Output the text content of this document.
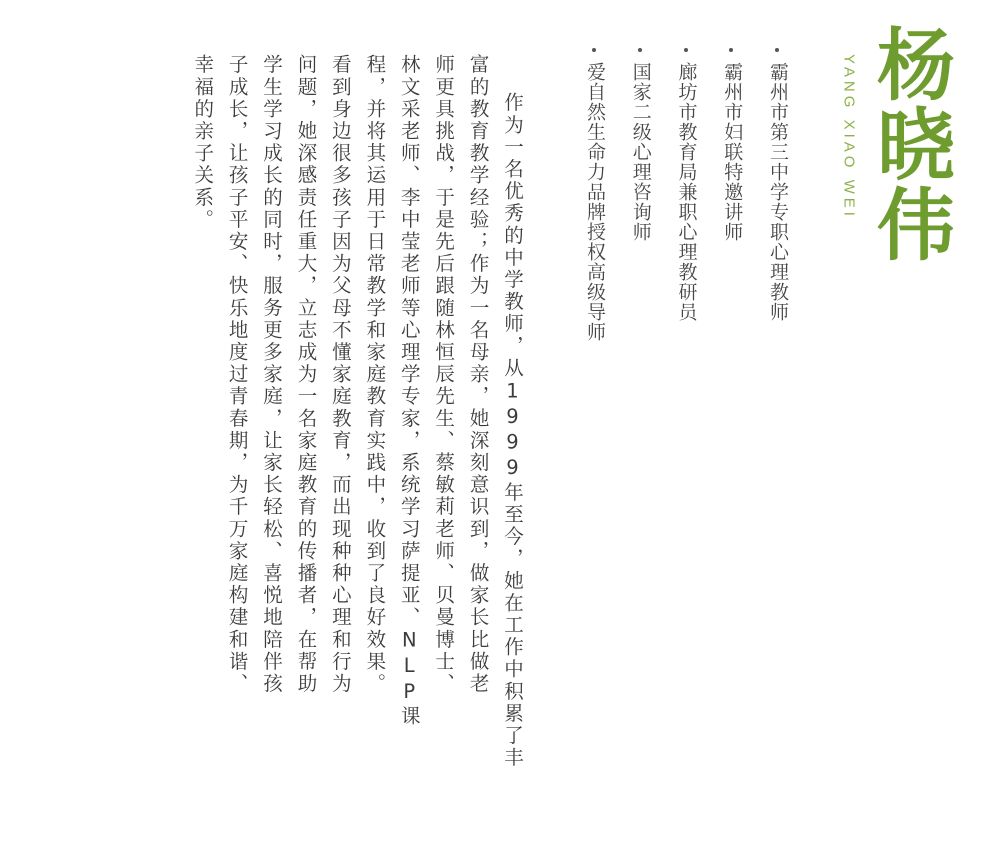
YANG XIAO WEI 杨晓伟
爱自然生命力品牌授权高级导师 国家二级心理咨询师 廊坊市教育局兼职心理教研员 霸州市妇联特邀讲师 霸州市第三中学专职心理教师
作为一名优秀的中学教师，从1999年至今，她在工作中积累了丰
富的教育教学经验；作为一名母亲，她深刻意识到，做家长比做老
师更具挑战，于是先后跟随林恒辰先生、蔡敏莉老师、贝曼博士、
林文采老师、李中莹老师等心理学专家，系统学习萨提亚、NLP课
程，并将其运用于日常教学和家庭教育实践中，收到了良好效果。
看到身边很多孩子因为父母不懂家庭教育，而出现种种心理和行为
问题，她深感责任重大，立志成为一名家庭教育的传播者，在帮助
学生学习成长的同时，服务更多家庭，让家长轻松、喜悦地陪伴孩
子成长，让孩子平安、快乐地度过青春期，为千万家庭构建和谐、
幸福的亲子关系。
